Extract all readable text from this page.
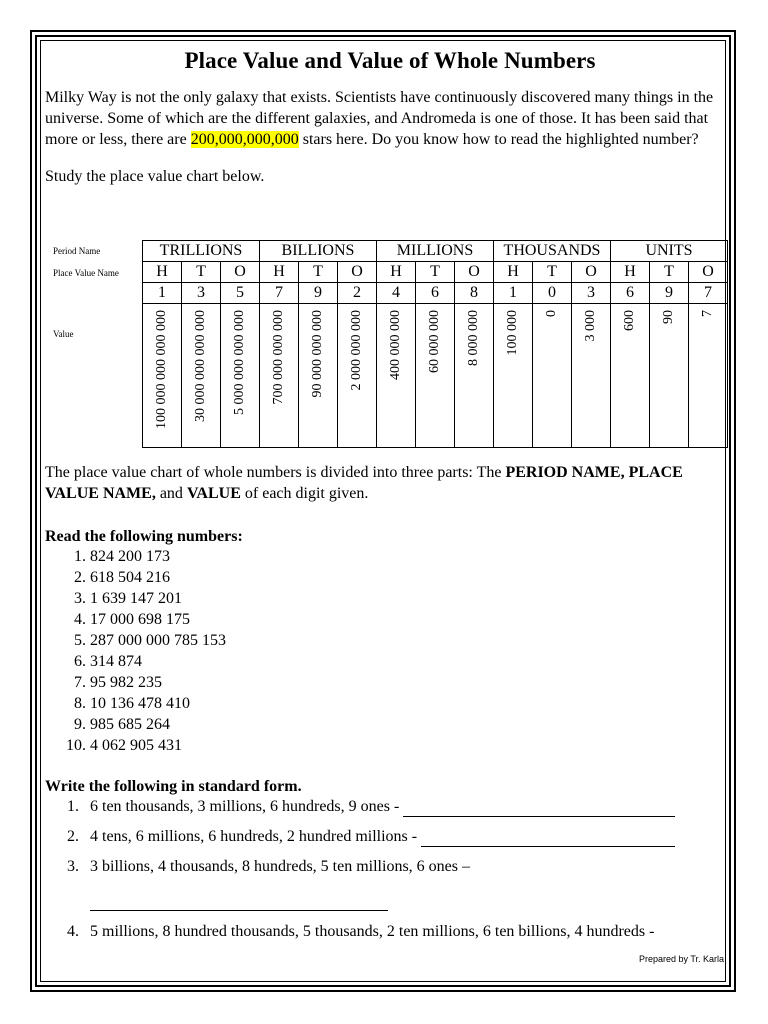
Place Value and Value of Whole Numbers

Milky Way is not the only galaxy that exists. Scientists have continuously discovered many things in the universe. Some of which are the different galaxies, and Andromeda is one of those. It has been said that more or less, there are 200,000,000,000 stars here. Do you know how to read the highlighted number?

Study the place value chart below.

Period Name
Place Value Name
Value
TRILLIONS			BILLIONS			MILLIONS			THOUSANDS			UNITS		
H	T	O	H	T	O	H	T	O	H	T	O	H	T	O
1	3	5	7	9	2	4	6	8	1	0	3	6	9	7

100 000 000 000 000	30 000 000 000 000	5 000 000 000 000	700 000 000 000	90 000 000 000	2 000 000 000	400 000 000	60 000 000	8 000 000	100 000	0	3 000	600	90	7
The place value chart of whole numbers is divided into three parts: The PERIOD NAME, PLACE VALUE NAME, and VALUE of each digit given.
Read the following numbers:
1. 824 200 173
2. 618 504 216
3. 1 639 147 201
4. 17 000 698 175
5. 287 000 000 785 153
6. 314 874
7. 95 982 235
8. 10 136 478 410
9. 985 685 264
10. 4 062 905 431
Write the following in standard form.
1. 6 ten thousands, 3 millions, 6 hundreds, 9 ones -
2. 4 tens, 6 millions, 6 hundreds, 2 hundred millions -
3. 3 billions, 4 thousands, 8 hundreds, 5 ten millions, 6 ones –

4. 5 millions, 8 hundred thousands, 5 thousands, 2 ten millions, 6 ten billions, 4 hundreds -
Prepared by Tr. Karla
